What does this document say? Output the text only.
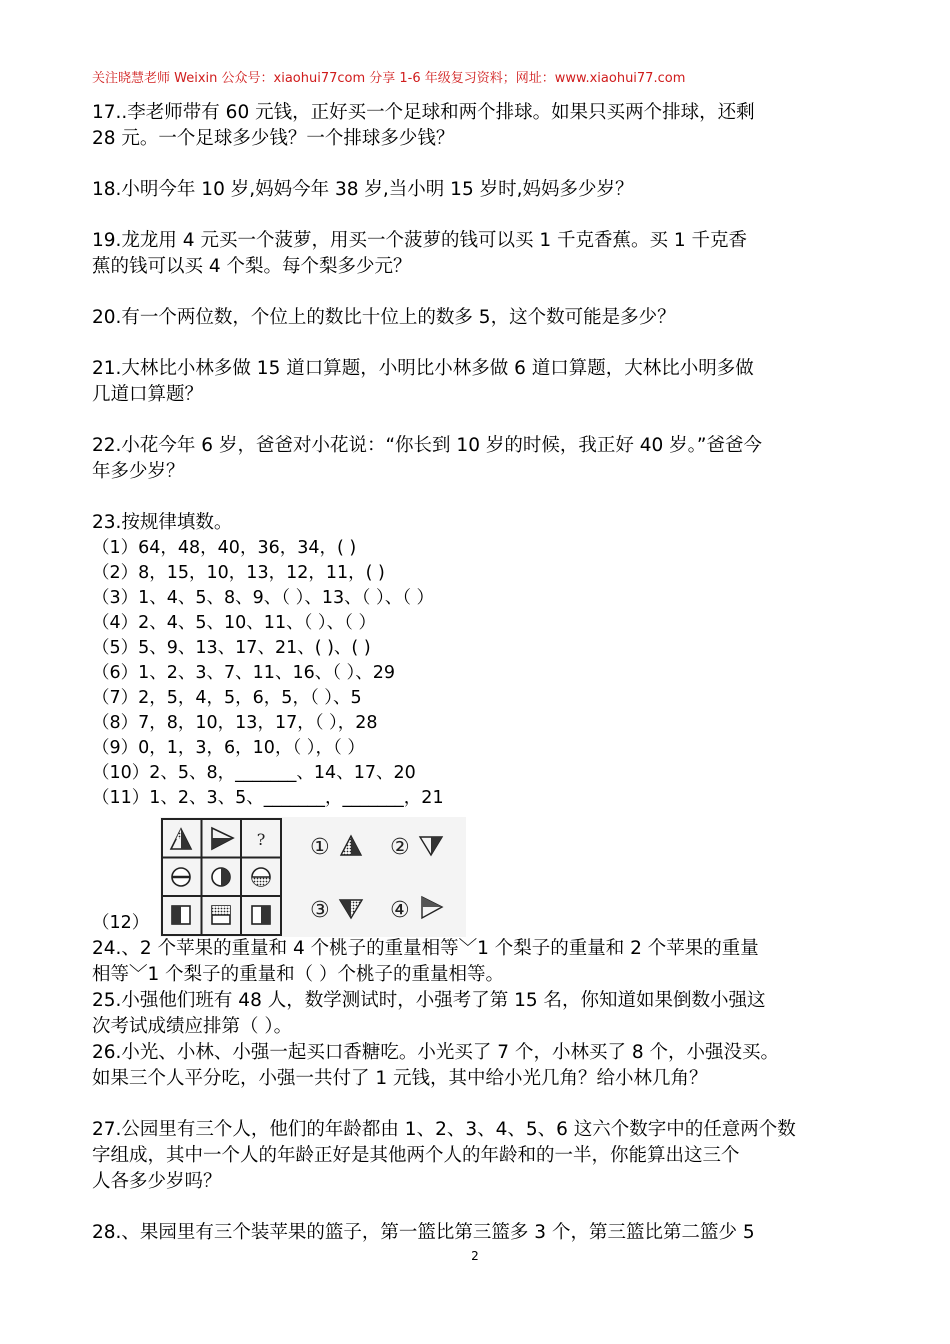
关注晓慧老师 Weixin 公众号：xiaohui77com 分享 1-6 年级复习资料；网址：www.xiaohui77.com

17..李老师带有 60 元钱，正好买一个足球和两个排球。如果只买两个排球，还剩

28 元。一个足球多少钱？一个排球多少钱？

18.小明今年 10 岁,妈妈今年 38 岁,当小明 15 岁时,妈妈多少岁？

19.龙龙用 4 元买一个菠萝，用买一个菠萝的钱可以买 1 千克香蕉。买 1 千克香

蕉的钱可以买 4 个梨。每个梨多少元？

20.有一个两位数，个位上的数比十位上的数多 5，这个数可能是多少？

21.大林比小林多做 15 道口算题，小明比小林多做 6 道口算题，大林比小明多做

几道口算题？

22.小花今年 6 岁，爸爸对小花说：“你长到 10 岁的时候，我正好 40 岁。”爸爸今

年多少岁？

23.按规律填数。

（1）64，48，40，36，34，( )

（2）8，15，10，13，12，11，( )

（3）1、4、5、8、9、（ ）、13、（ ）、（ ）

（4）2、4、5、10、11、（ ）、（ ）

（5）5、9、13、17、21、( )、( )

（6）1、2、3、7、11、16、（ ）、29

（7）2，5，4，5，6，5，（ ）、5

（8）7，8，10，13，17，（ ），28

（9）0，1，3，6，10，（ ），（ ）

（10）2、5、8，_______、14、17、20

（11）1、2、3、5、_______，_______，21

（12）
? ①	②
③	④

24.、2 个苹果的重量和 4 个桃子的重量相等﹀1 个梨子的重量和 2 个苹果的重量

相等﹀1 个梨子的重量和（ ）个桃子的重量相等。

25.小强他们班有 48 人，数学测试时，小强考了第 15 名，你知道如果倒数小强这

次考试成绩应排第（ ）。

26.小光、小林、小强一起买口香糖吃。小光买了 7 个，小林买了 8 个，小强没买。

如果三个人平分吃，小强一共付了 1 元钱，其中给小光几角？给小林几角？

27.公园里有三个人，他们的年龄都由 1、2、3、4、5、6 这六个数字中的任意两个数

字组成，其中一个人的年龄正好是其他两个人的年龄和的一半，你能算出这三个

人各多少岁吗？

28.、果园里有三个装苹果的篮子，第一篮比第三篮多 3 个，第三篮比第二篮少 5

2
